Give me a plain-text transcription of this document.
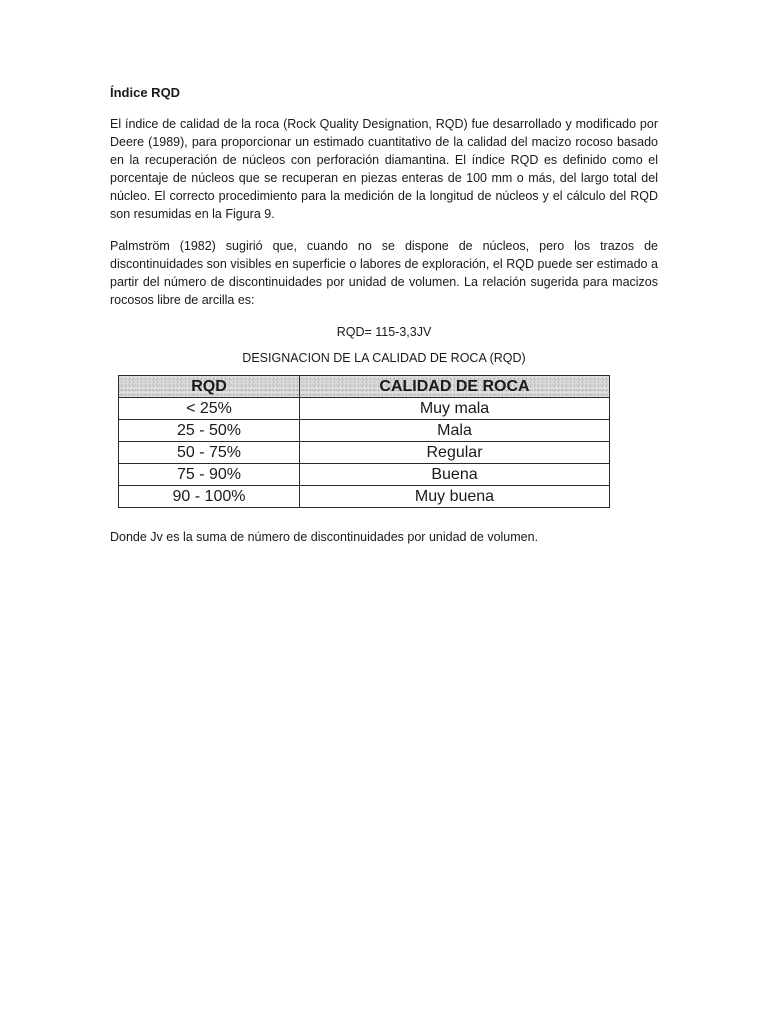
Índice RQD

El índice de calidad de la roca (Rock Quality Designation, RQD) fue desarrollado y modificado por Deere (1989), para proporcionar un estimado cuantitativo de la calidad del macizo rocoso basado en la recuperación de núcleos con perforación diamantina. El índice RQD es definido como el porcentaje de núcleos que se recuperan en piezas enteras de 100 mm o más, del largo total del núcleo. El correcto procedimiento para la medición de la longitud de núcleos y el cálculo del RQD son resumidas en la Figura 9.

Palmström (1982) sugirió que, cuando no se dispone de núcleos, pero los trazos de discontinuidades son visibles en superficie o labores de exploración, el RQD puede ser estimado a partir del número de discontinuidades por unidad de volumen. La relación sugerida para macizos rocosos libre de arcilla es:

RQD= 115-3,3JV
DESIGNACION DE LA CALIDAD DE ROCA (RQD)
RQD	CALIDAD DE ROCA
< 25%	Muy mala
25 - 50%	Mala
50 - 75%	Regular
75 - 90%	Buena
90 - 100%	Muy buena
Donde Jv es la suma de número de discontinuidades por unidad de volumen.
